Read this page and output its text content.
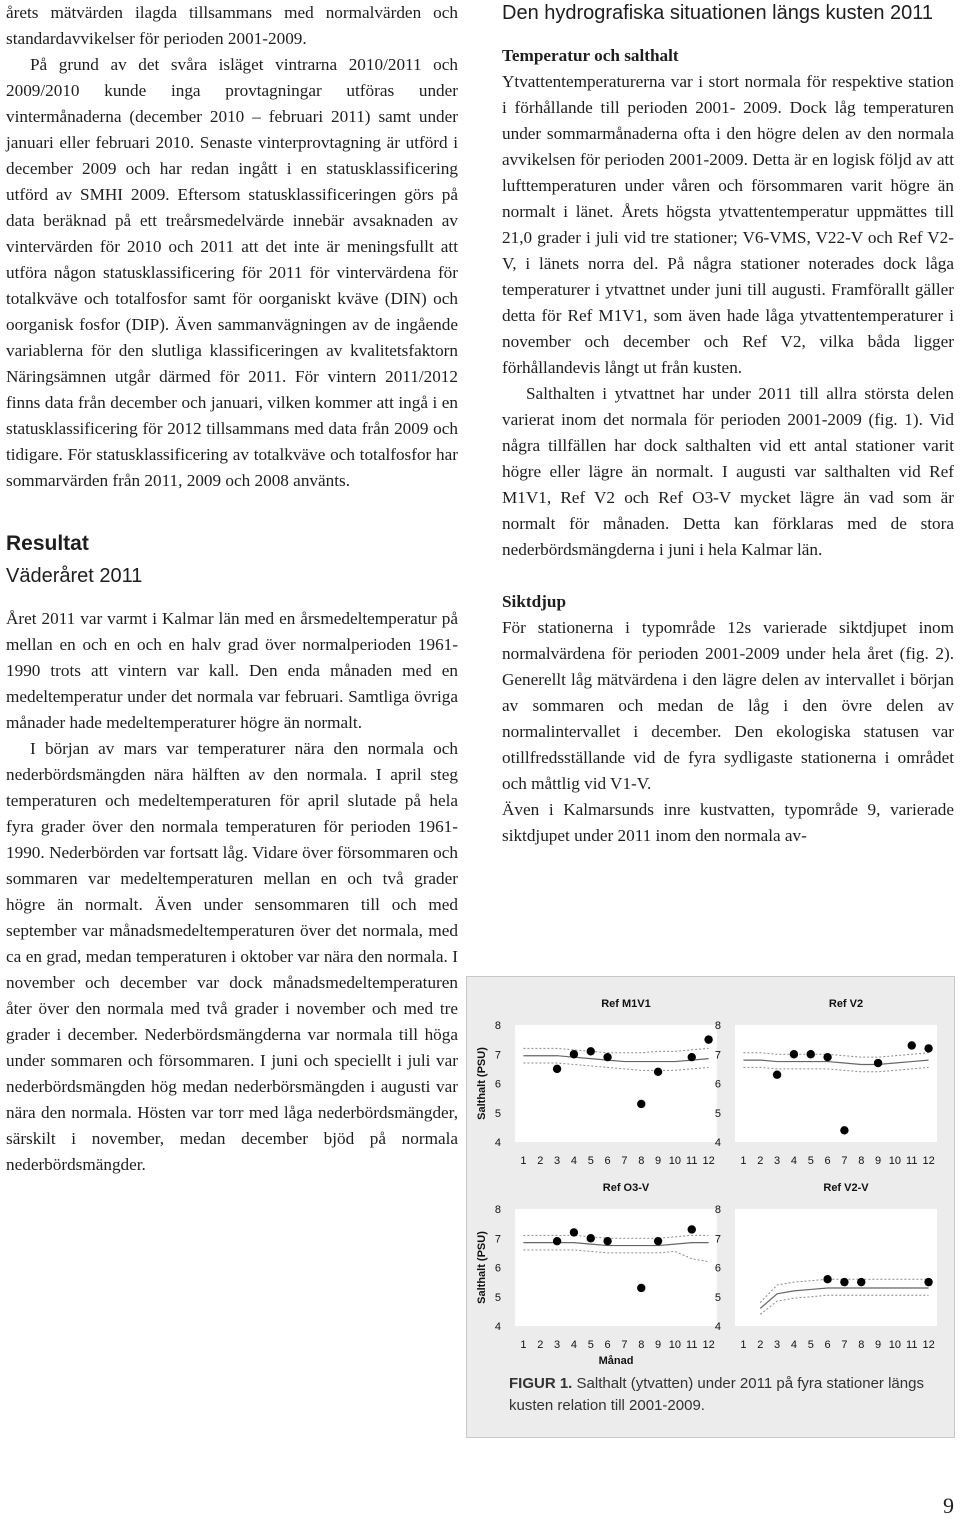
årets mätvärden ilagda tillsammans med normalvärden och standardavvikelser för perioden 2001-2009.

På grund av det svåra isläget vintrarna 2010/2011 och 2009/2010 kunde inga provtagningar utföras under vintermånaderna (december 2010 – februari 2011) samt under januari eller februari 2010. Senaste vinterprovtagning är utförd i december 2009 och har redan ingått i en statusklassificering utförd av SMHI 2009. Eftersom statusklassificeringen görs på data beräknad på ett treårsmedelvärde innebär avsaknaden av vintervärden för 2010 och 2011 att det inte är meningsfullt att utföra någon statusklassificering för 2011 för vintervärdena för totalkväve och totalfosfor samt för oorganiskt kväve (DIN) och oorganisk fosfor (DIP). Även sammanvägningen av de ingående variablerna för den slutliga klassificeringen av kvalitetsfaktorn Näringsämnen utgår därmed för 2011. För vintern 2011/2012 finns data från december och januari, vilken kommer att ingå i en statusklassificering för 2012 tillsammans med data från 2009 och tidigare. För statusklassificering av totalkväve och totalfosfor har sommarvärden från 2011, 2009 och 2008 använts.

Resultat
Väderåret 2011

Året 2011 var varmt i Kalmar län med en årsmedeltemperatur på mellan en och en och en halv grad över normalperioden 1961-1990 trots att vintern var kall. Den enda månaden med en medeltemperatur under det normala var februari. Samtliga övriga månader hade medeltemperaturer högre än normalt.

I början av mars var temperaturer nära den normala och nederbördsmängden nära hälften av den normala. I april steg temperaturen och medeltemperaturen för april slutade på hela fyra grader över den normala temperaturen för perioden 1961-1990. Nederbörden var fortsatt låg. Vidare över försommaren och sommaren var medeltemperaturen mellan en och två grader högre än normalt. Även under sensommaren till och med september var månadsmedeltemperaturen över det normala, med ca en grad, medan temperaturen i oktober var nära den normala. I november och december var dock månadsmedeltemperaturen åter över den normala med två grader i november och med tre grader i december. Nederbördsmängderna var normala till höga under sommaren och försommaren. I juni och speciellt i juli var nederbördsmängden hög medan nederbörsmängden i augusti var nära den normala. Hösten var torr med låga nederbördsmängder, särskilt i november, medan december bjöd på normala nederbördsmängder.

Den hydrografiska situationen längs kusten 2011
Temperatur och salthalt

Ytvattentemperaturerna var i stort normala för respektive station i förhållande till perioden 2001- 2009. Dock låg temperaturen under sommarmånaderna ofta i den högre delen av den normala avvikelsen för perioden 2001-2009. Detta är en logisk följd av att lufttemperaturen under våren och försommaren varit högre än normalt i länet. Årets högsta ytvattentemperatur uppmättes till 21,0 grader i juli vid tre stationer; V6-VMS, V22-V och Ref V2-V, i länets norra del. På några stationer noterades dock låga temperaturer i ytvattnet under juni till augusti. Framförallt gäller detta för Ref M1V1, som även hade låga ytvattentemperaturer i november och december och Ref V2, vilka båda ligger förhållandevis långt ut från kusten.

Salthalten i ytvattnet har under 2011 till allra största delen varierat inom det normala för perioden 2001-2009 (fig. 1). Vid några tillfällen har dock salthalten vid ett antal stationer varit högre eller lägre än normalt. I augusti var salthalten vid Ref M1V1, Ref V2 och Ref O3-V mycket lägre än vad som är normalt för månaden. Detta kan förklaras med de stora nederbördsmängderna i juni i hela Kalmar län.

Siktdjup

För stationerna i typområde 12s varierade siktdjupet inom normalvärdena för perioden 2001-2009 under hela året (fig. 2). Generellt låg mätvärdena i den lägre delen av intervallet i början av sommaren och medan de låg i den övre delen av normalintervallet i december. Den ekologiska statusen var otillfredsställande vid de fyra sydligaste stationerna i området och måttlig vid V1-V.

Även i Kalmarsunds inre kustvatten, typområde 9, varierade siktdjupet under 2011 inom den normala av-

Ref M1V1
4
5
6
7
8
1 2 3 4 5 6 7 8 9 10 11 12
Salthalt (PSU)
Ref V2
4
5
6
7
8
1 2 3 4 5 6 7 8 9 10 11 12
Ref O3-V
4
5
6
7
8
1 2 3 4 5 6 7 8 9 10 11 12
Salthalt (PSU)
Månad
Ref V2-V
4
5
6
7
8
1 2 3 4 5 6 7 8 9 10 11 12
FIGUR 1. Salthalt (ytvatten) under 2011 på fyra stationer längs kusten relation till 2001-2009.
9
